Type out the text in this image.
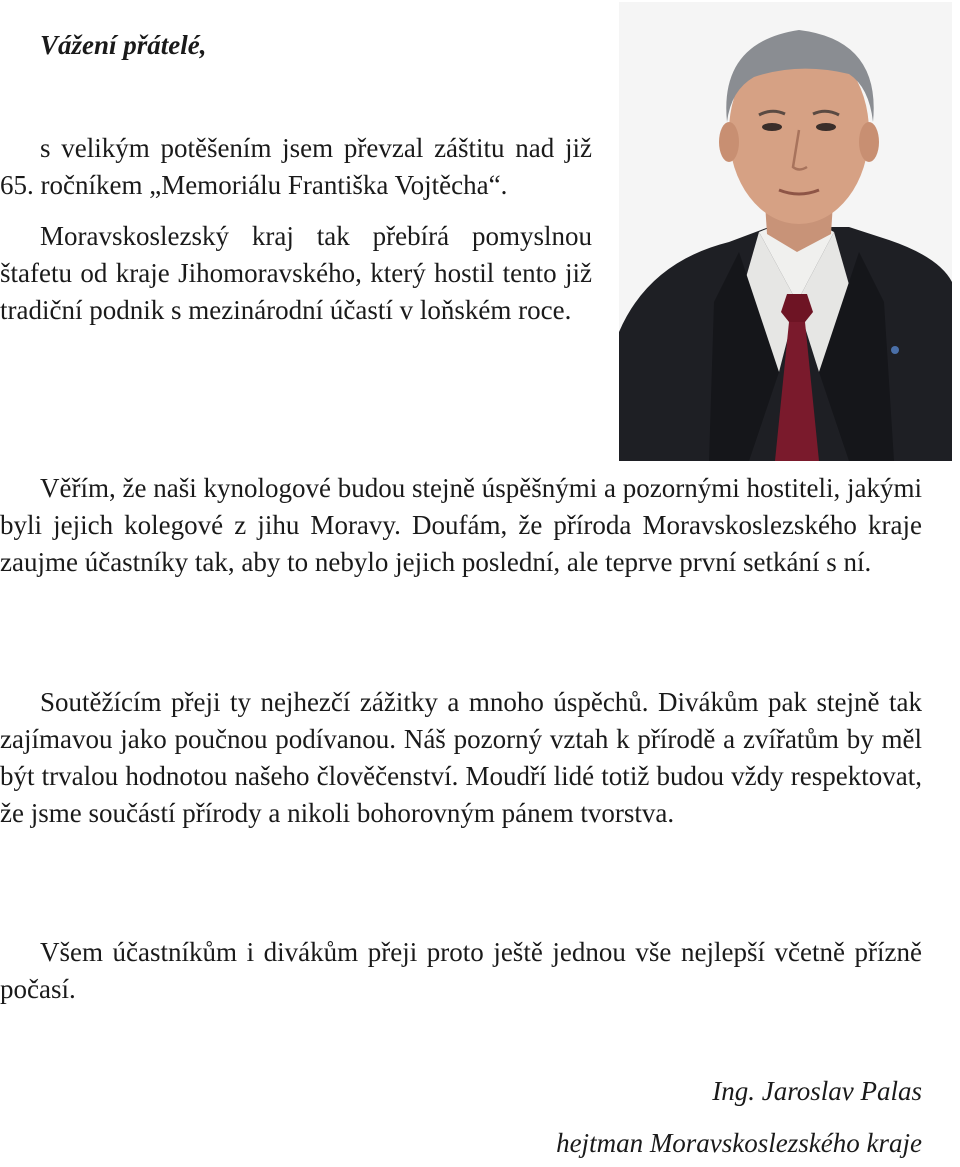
Vážení přátelé,

s velikým potěšením jsem převzal záštitu nad již 65. ročníkem „Memoriálu Františka Vojtěcha“.

Moravskoslezský kraj tak přebírá pomyslnou štafetu od kraje Jihomoravského, který hostil tento již tradiční podnik s mezinárodní účastí v loňském roce.

Věřím, že naši kynologové budou stejně úspěšnými a pozornými hostiteli, jakými byli jejich kolegové z jihu Moravy. Doufám, že příroda Moravskoslezského kraje zaujme účastníky tak, aby to nebylo jejich poslední, ale teprve první setkání s ní.

Soutěžícím přeji ty nejhezčí zážitky a mnoho úspěchů. Divákům pak stejně tak zajímavou jako poučnou podívanou. Náš pozorný vztah k přírodě a zvířatům by měl být trvalou hodnotou našeho člověčenství. Moudří lidé totiž budou vždy respektovat, že jsme součástí přírody a nikoli bohorovným pánem tvorstva.

Všem účastníkům i divákům přeji proto ještě jednou vše nejlepší včetně přízně počasí.

Ing. Jaroslav Palas

hejtman Moravskoslezského kraje
